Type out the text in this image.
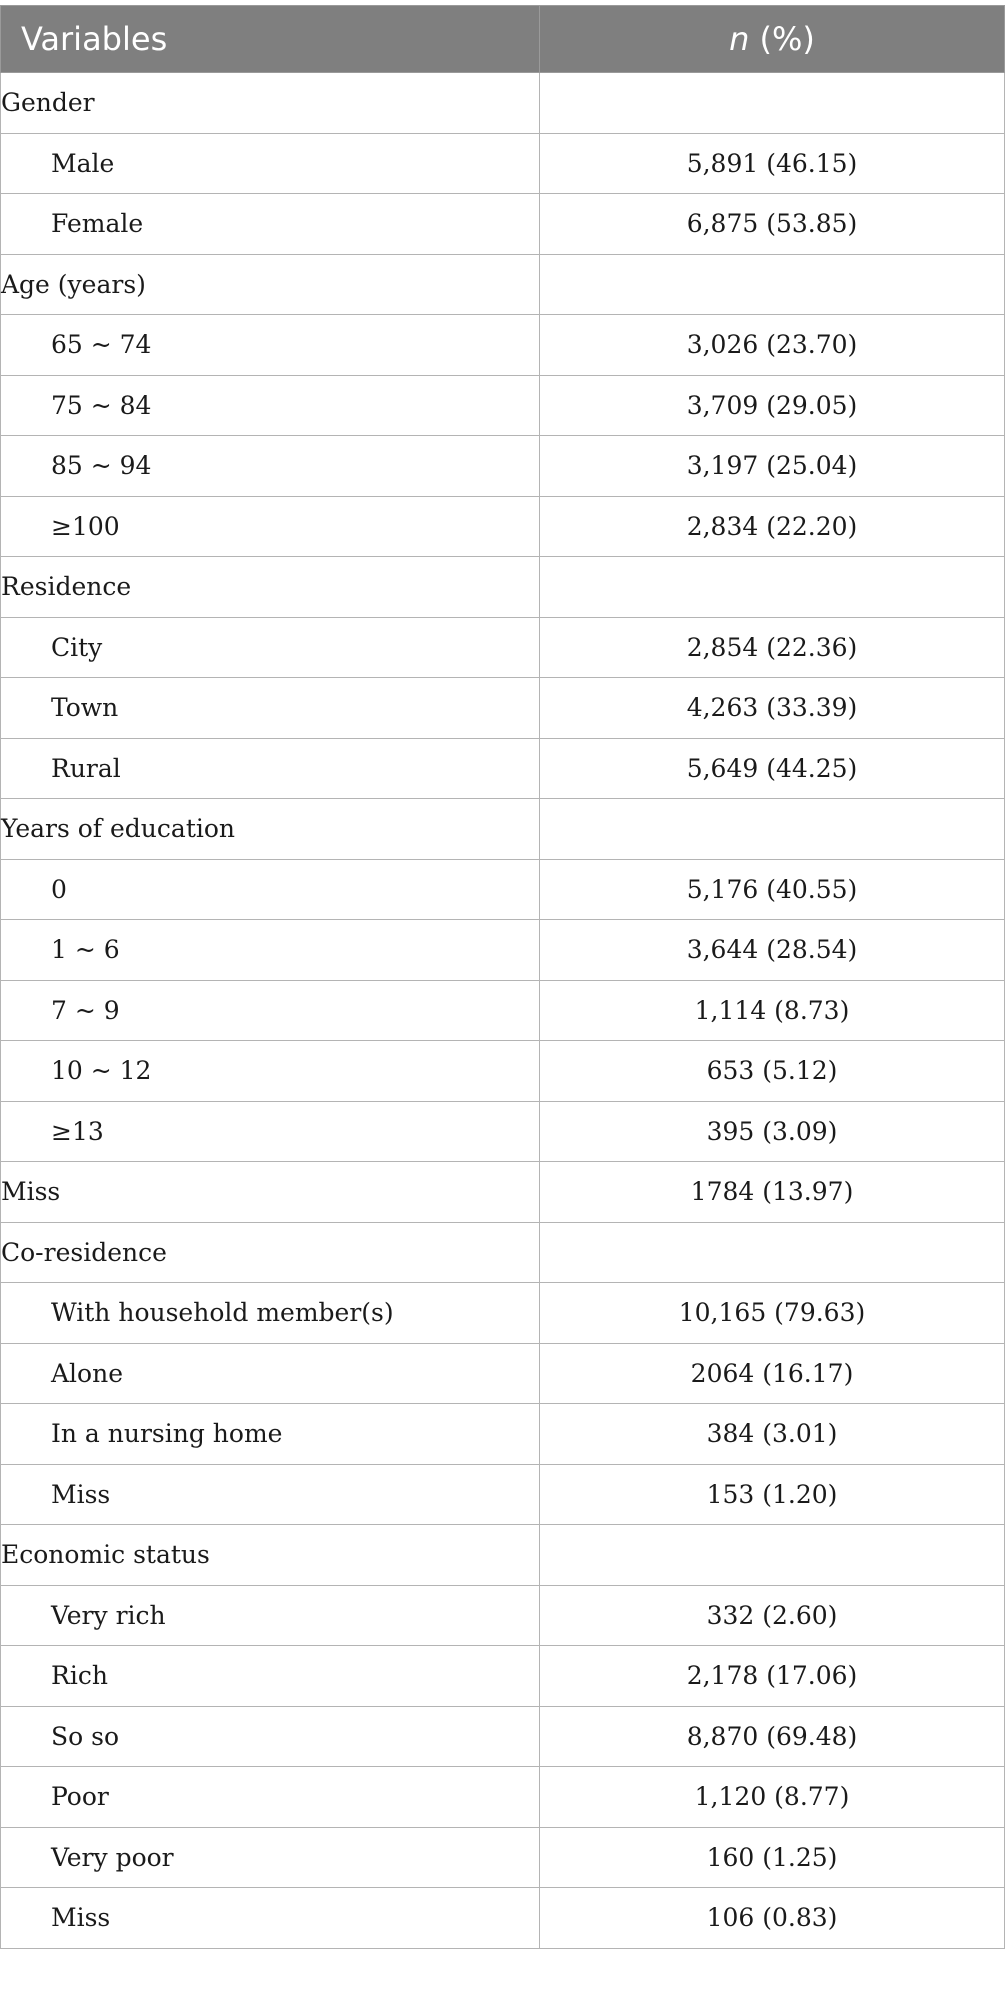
Variables	n (%)
Gender	
Male	5,891 (46.15)
Female	6,875 (53.85)
Age (years)	
65 ~ 74	3,026 (23.70)
75 ~ 84	3,709 (29.05)
85 ~ 94	3,197 (25.04)
≥100	2,834 (22.20)
Residence	
City	2,854 (22.36)
Town	4,263 (33.39)
Rural	5,649 (44.25)
Years of education	
0	5,176 (40.55)
1 ~ 6	3,644 (28.54)
7 ~ 9	1,114 (8.73)
10 ~ 12	653 (5.12)
≥13	395 (3.09)
Miss	1784 (13.97)
Co-residence	
With household member(s)	10,165 (79.63)
Alone	2064 (16.17)
In a nursing home	384 (3.01)
Miss	153 (1.20)
Economic status	
Very rich	332 (2.60)
Rich	2,178 (17.06)
So so	8,870 (69.48)
Poor	1,120 (8.77)
Very poor	160 (1.25)
Miss	106 (0.83)
